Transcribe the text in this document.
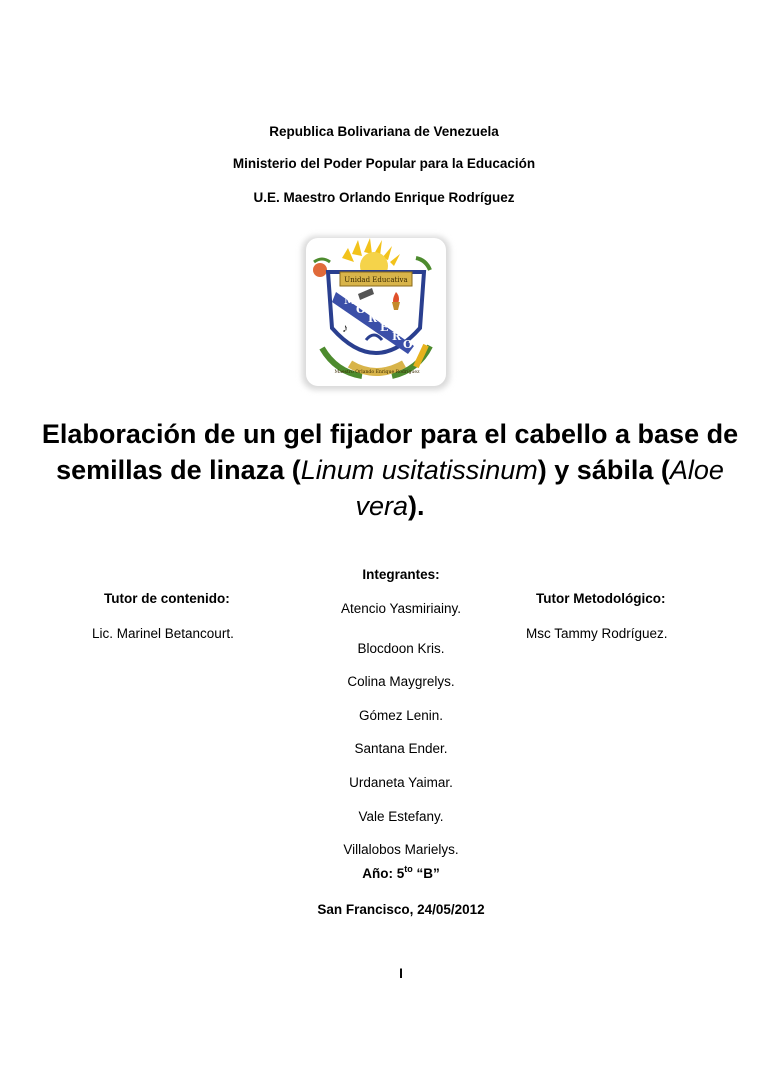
Republica Bolivariana de Venezuela
Ministerio del Poder Popular para la Educación
U.E. Maestro Orlando Enrique Rodríguez
Unidad Educativa
M
O
R
E
R
O
♪
Maestro Orlando Enrique Rodríguez
Elaboración de un gel fijador para el cabello a base de semillas de linaza (Linum usitatissinum) y sábila (Aloe vera).
Tutor de contenido:
Lic. Marinel Betancourt.
Integrantes:
Atencio Yasmiriainy.
Blocdoon Kris.
Colina Maygrelys.
Gómez Lenin.
Santana Ender.
Urdaneta Yaimar.
Vale Estefany.
Villalobos Marielys.
Tutor Metodológico:
Msc Tammy Rodríguez.
Año: $5^{to}$ “B”
San Francisco, 24/05/2012
I
